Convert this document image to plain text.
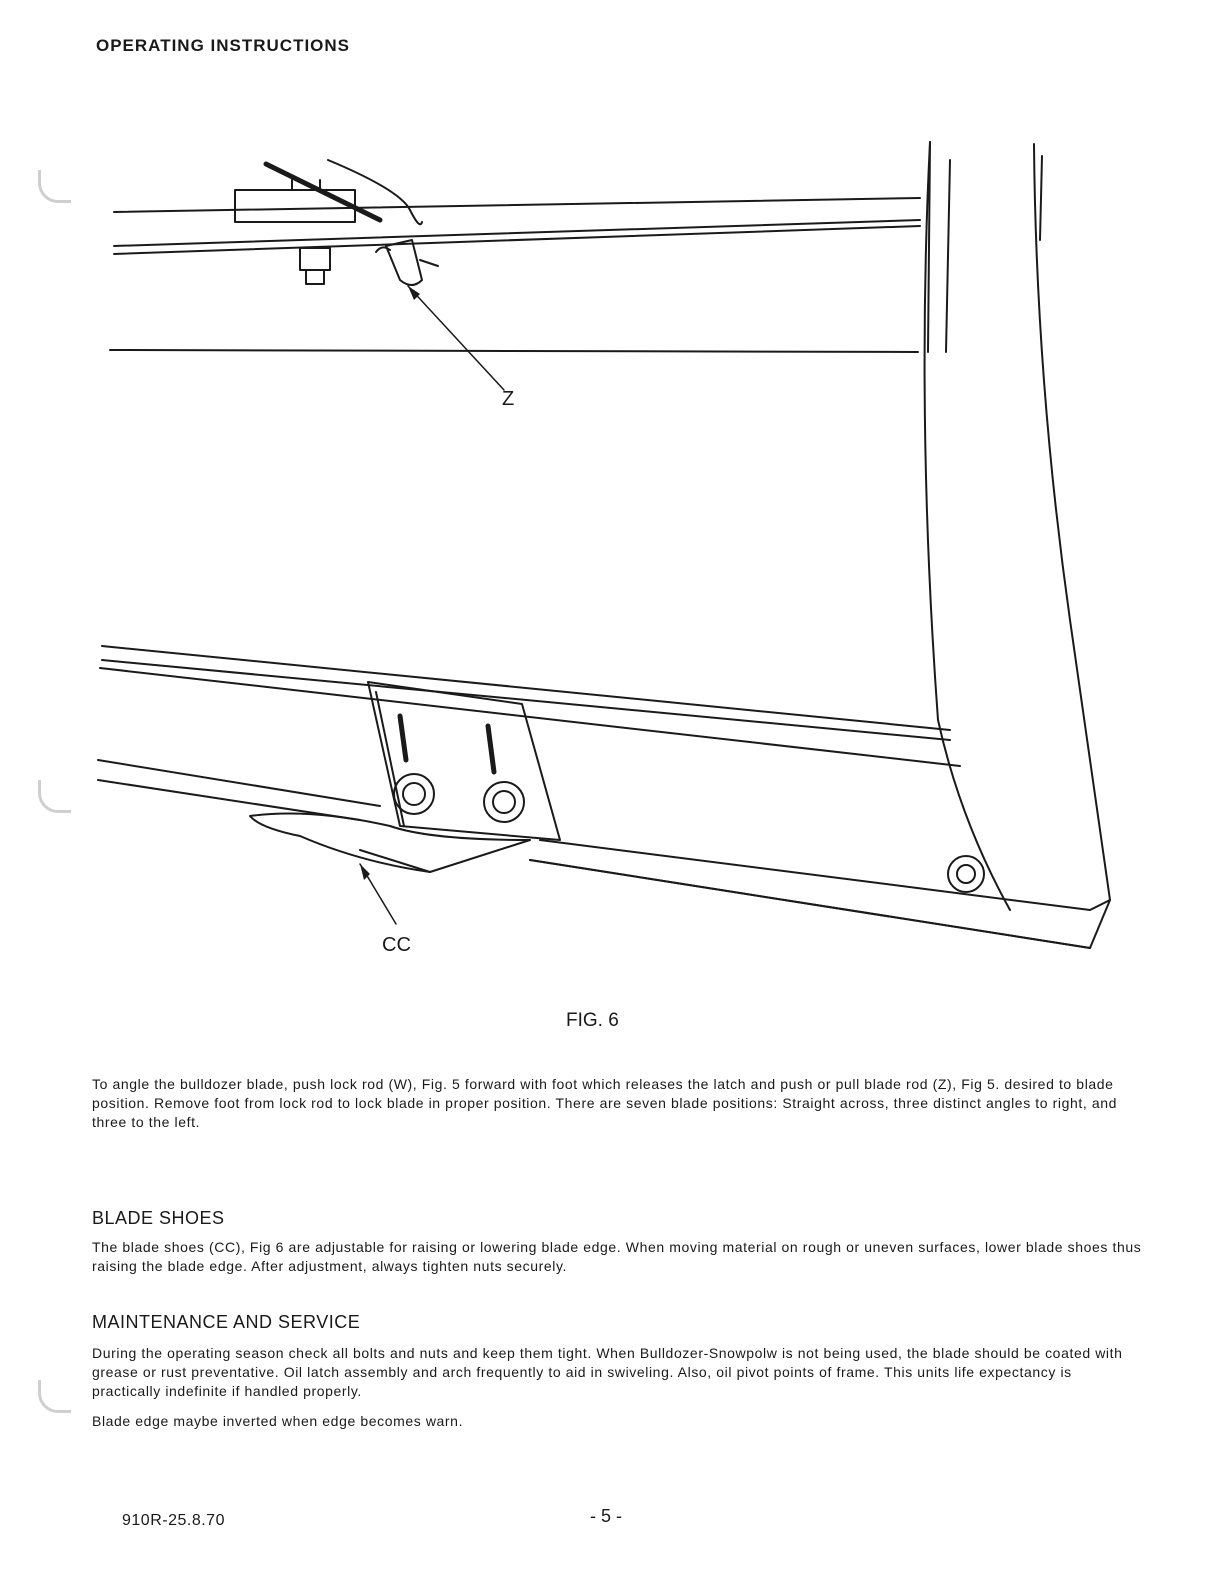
OPERATING INSTRUCTIONS
Z
CC
FIG. 6
To angle the bulldozer blade, push lock rod (W), Fig. 5 forward with foot which releases the latch and push or pull blade rod (Z), Fig 5. desired to blade position. Remove foot from lock rod to lock blade in proper position. There are seven blade positions: Straight across, three distinct angles to right, and three to the left.
BLADE SHOES
The blade shoes (CC), Fig 6 are adjustable for raising or lowering blade edge. When moving material on rough or uneven surfaces, lower blade shoes thus raising the blade edge. After adjustment, always tighten nuts securely.
MAINTENANCE AND SERVICE
During the operating season check all bolts and nuts and keep them tight. When Bulldozer-Snowpolw is not being used, the blade should be coated with grease or rust preventative. Oil latch assembly and arch frequently to aid in swiveling. Also, oil pivot points of frame. This units life expectancy is practically indefinite if handled properly.
Blade edge maybe inverted when edge becomes warn.
910R-25.8.70	- 5 -
